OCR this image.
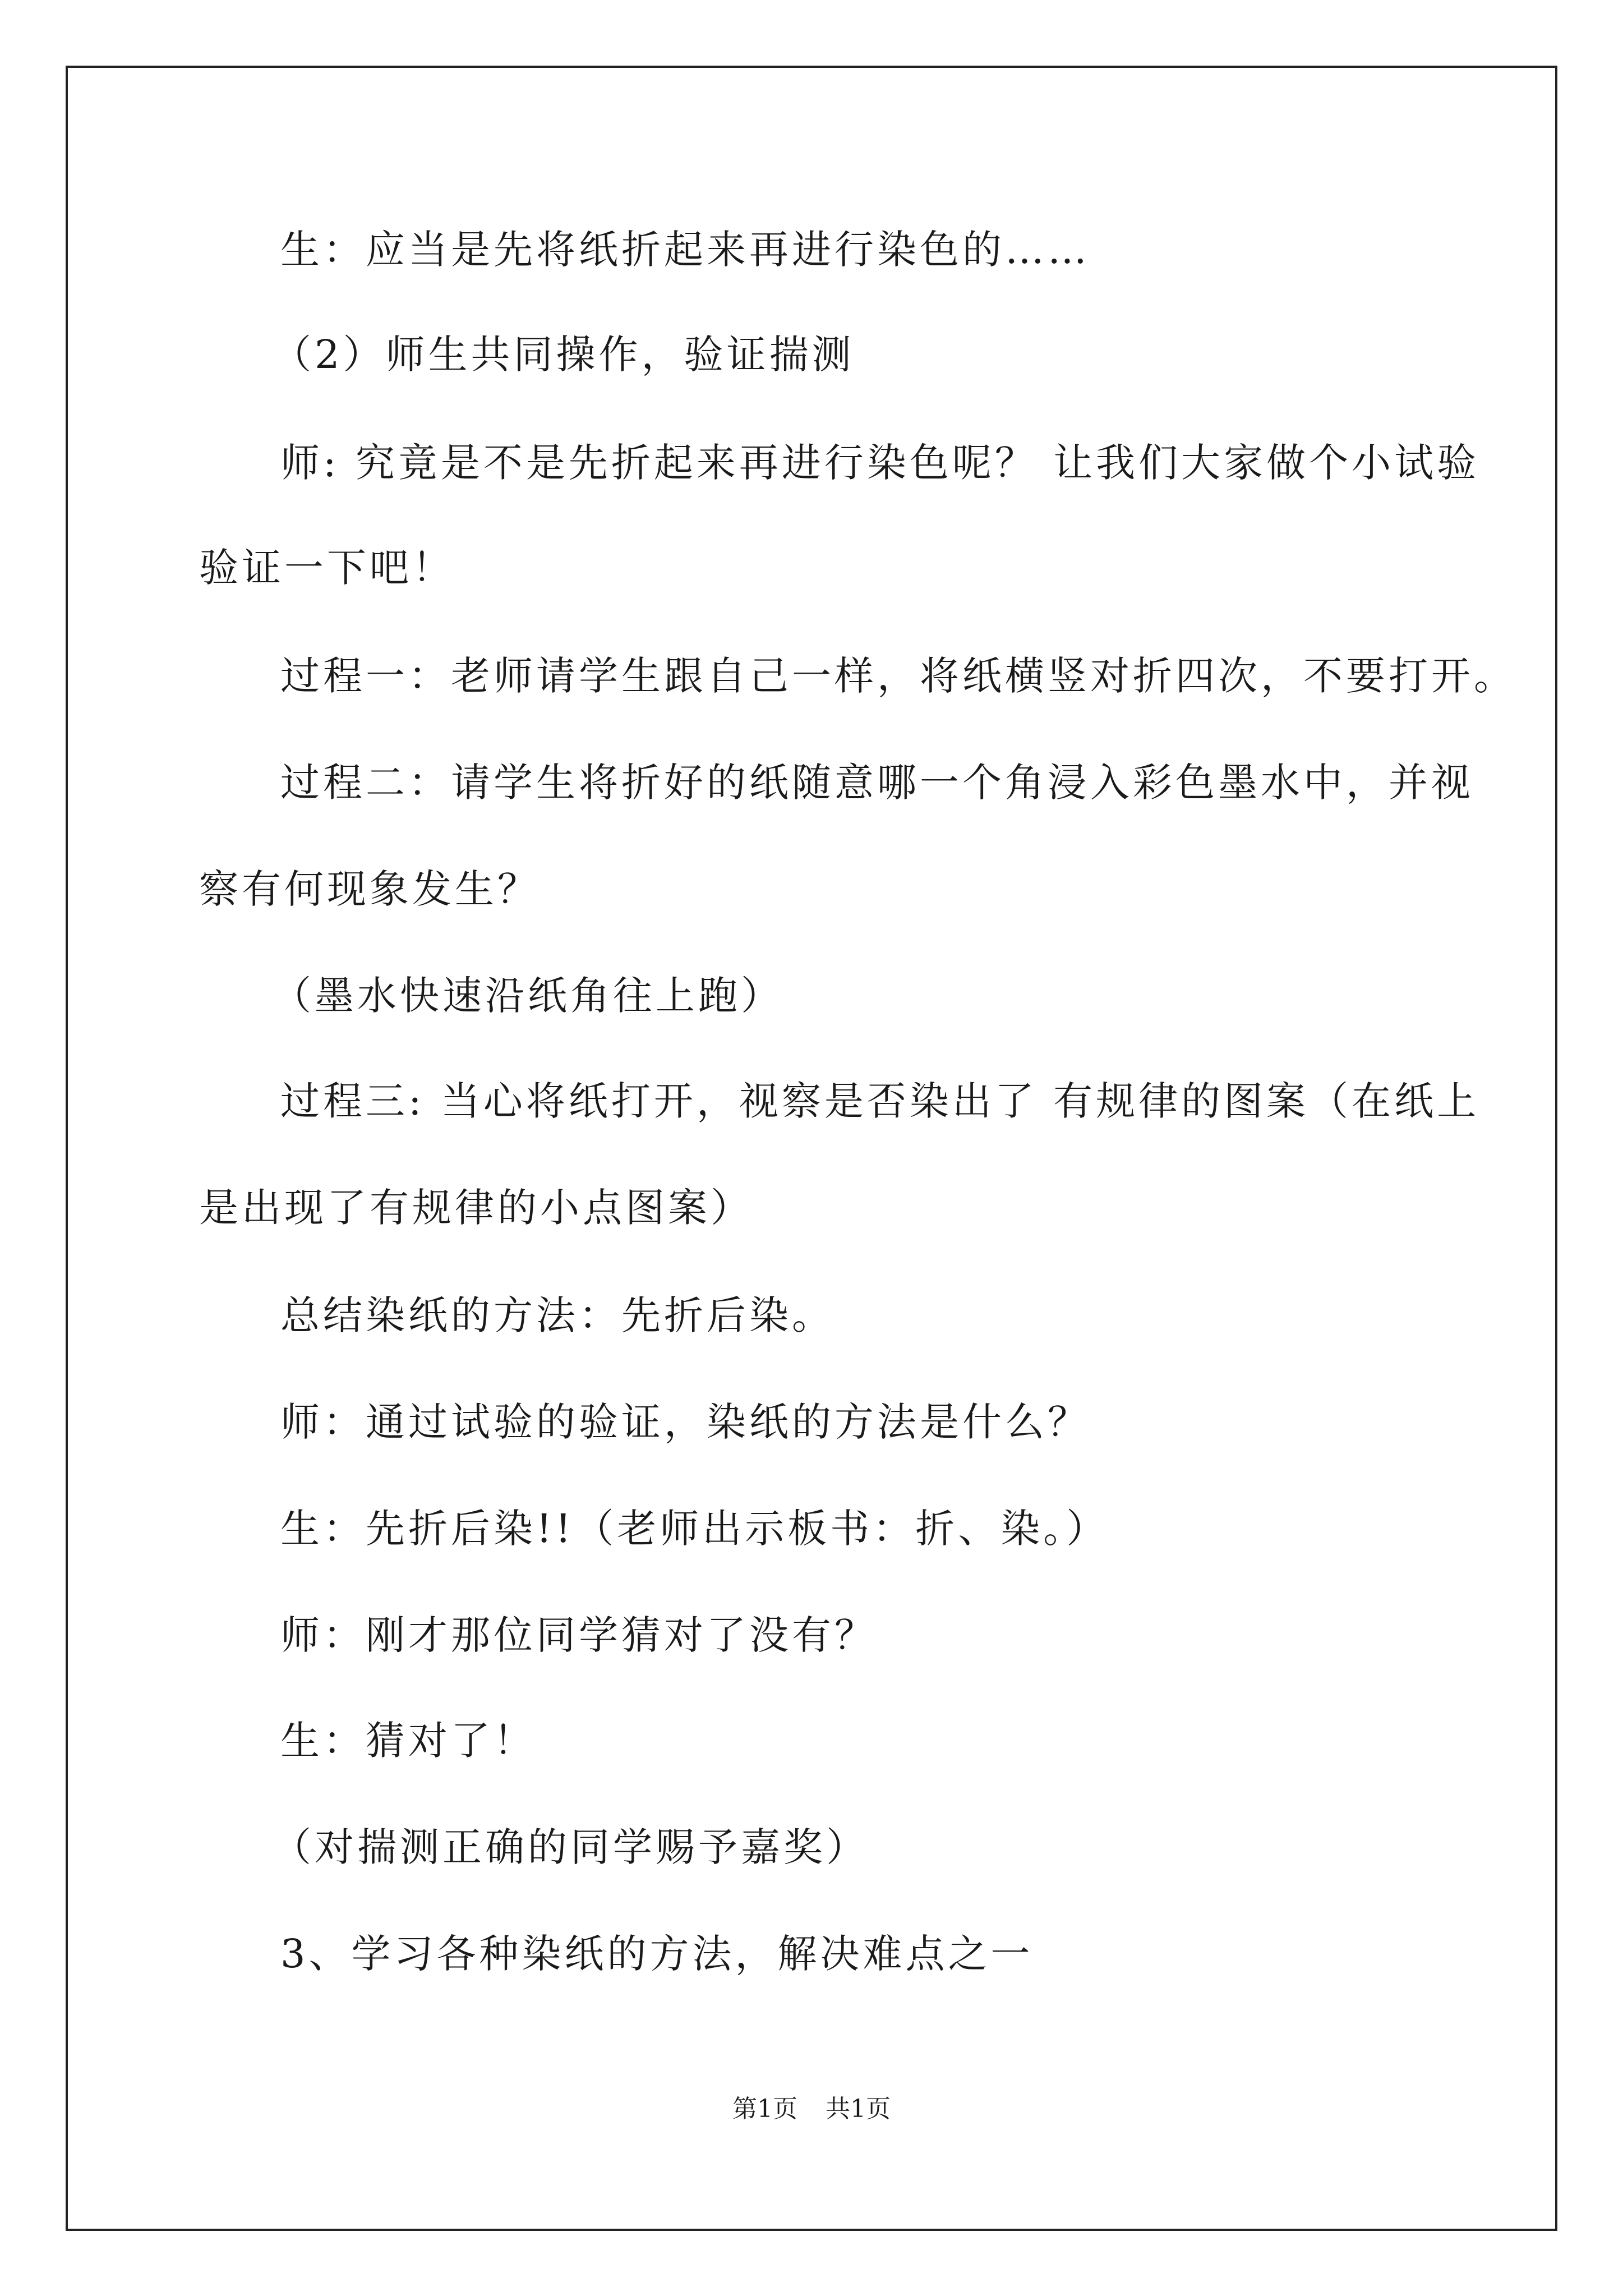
生：应当是先将纸折起来再进行染色的……
（2）师生共同操作，验证揣测
师: 究竟是不是先折起来再进行染色呢？ 让我们大家做个小试验
验证一下吧！
过程一：老师请学生跟自己一样，将纸横竖对折四次，不要打开。
过程二：请学生将折好的纸随意哪一个角浸入彩色墨水中，并视
察有何现象发生？
（墨水快速沿纸角往上跑）
过程三: 当心将纸打开，视察是否染出了 有规律的图案（在纸上
是出现了有规律的小点图案）
总结染纸的方法：先折后染。
师：通过试验的验证，染纸的方法是什么？
生：先折后染!!（老师出示板书：折、染。）
师：刚才那位同学猜对了没有？
生：猜对了！
（对揣测正确的同学赐予嘉奖）
3、学习各种染纸的方法，解决难点之一
第1页 共1页
